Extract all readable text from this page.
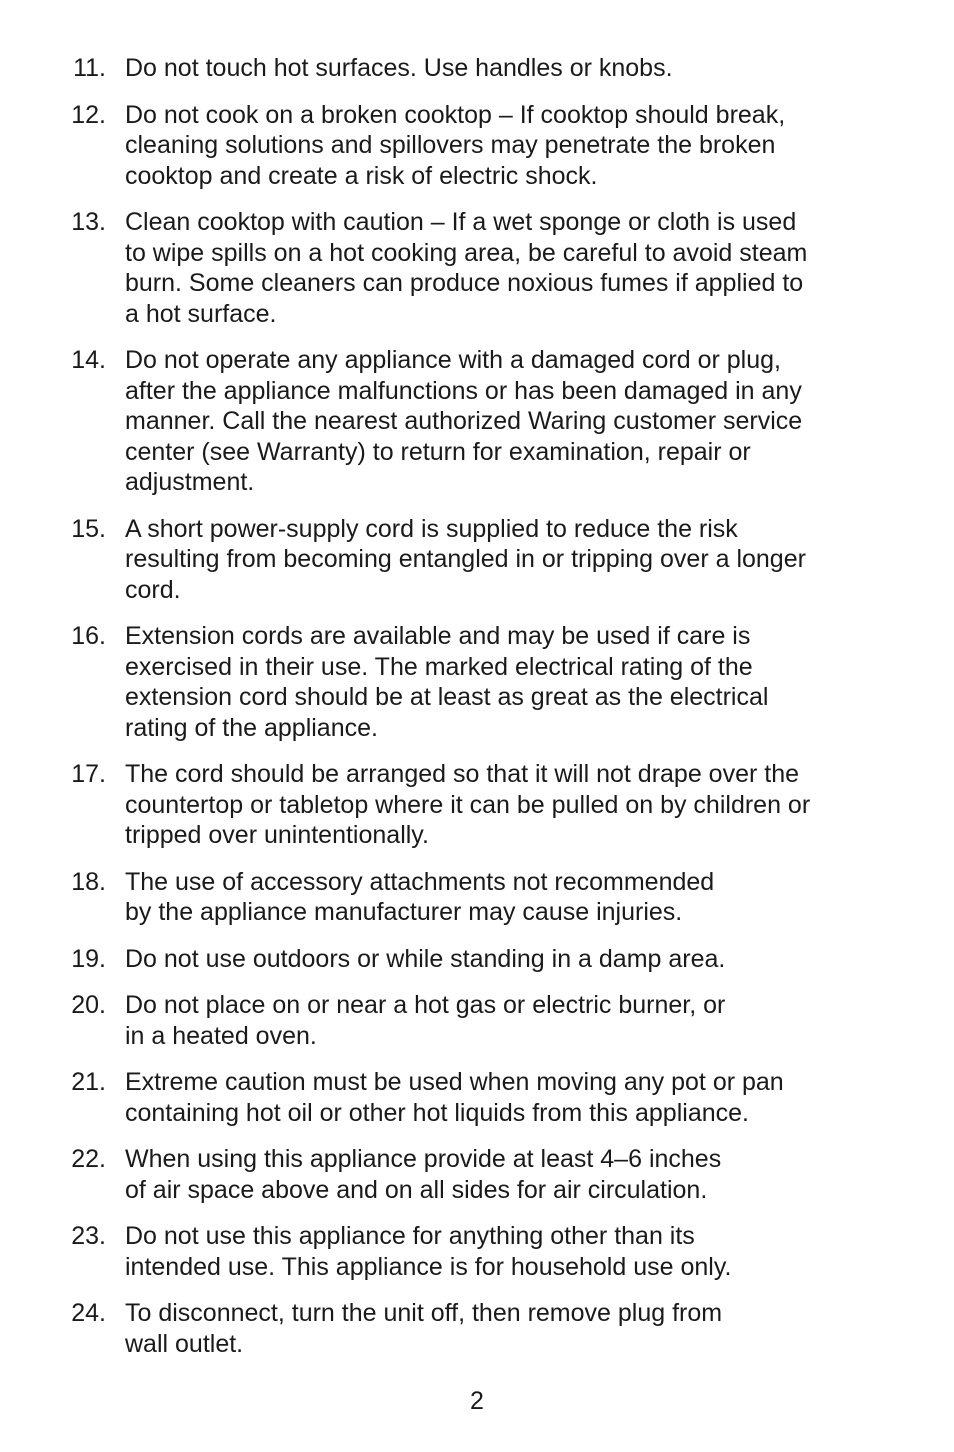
11. Do not touch hot surfaces. Use handles or knobs.
12. Do not cook on a broken cooktop – If cooktop should break,
cleaning solutions and spillovers may penetrate the broken
cooktop and create a risk of electric shock.
13. Clean cooktop with caution – If a wet sponge or cloth is used
to wipe spills on a hot cooking area, be careful to avoid steam
burn. Some cleaners can produce noxious fumes if applied to
a hot surface.
14. Do not operate any appliance with a damaged cord or plug,
after the appliance malfunctions or has been damaged in any
manner. Call the nearest authorized Waring customer service
center (see Warranty) to return for examination, repair or
adjustment.
15. A short power-supply cord is supplied to reduce the risk
resulting from becoming entangled in or tripping over a longer
cord.
16. Extension cords are available and may be used if care is
exercised in their use. The marked electrical rating of the
extension cord should be at least as great as the electrical
rating of the appliance.
17. The cord should be arranged so that it will not drape over the
countertop or tabletop where it can be pulled on by children or
tripped over unintentionally.
18. The use of accessory attachments not recommended
by the appliance manufacturer may cause injuries.
19. Do not use outdoors or while standing in a damp area.
20. Do not place on or near a hot gas or electric burner, or
in a heated oven.
21. Extreme caution must be used when moving any pot or pan
containing hot oil or other hot liquids from this appliance.
22. When using this appliance provide at least 4–6 inches
of air space above and on all sides for air circulation.
23. Do not use this appliance for anything other than its
intended use. This appliance is for household use only.
24. To disconnect, turn the unit off, then remove plug from
wall outlet.
2
